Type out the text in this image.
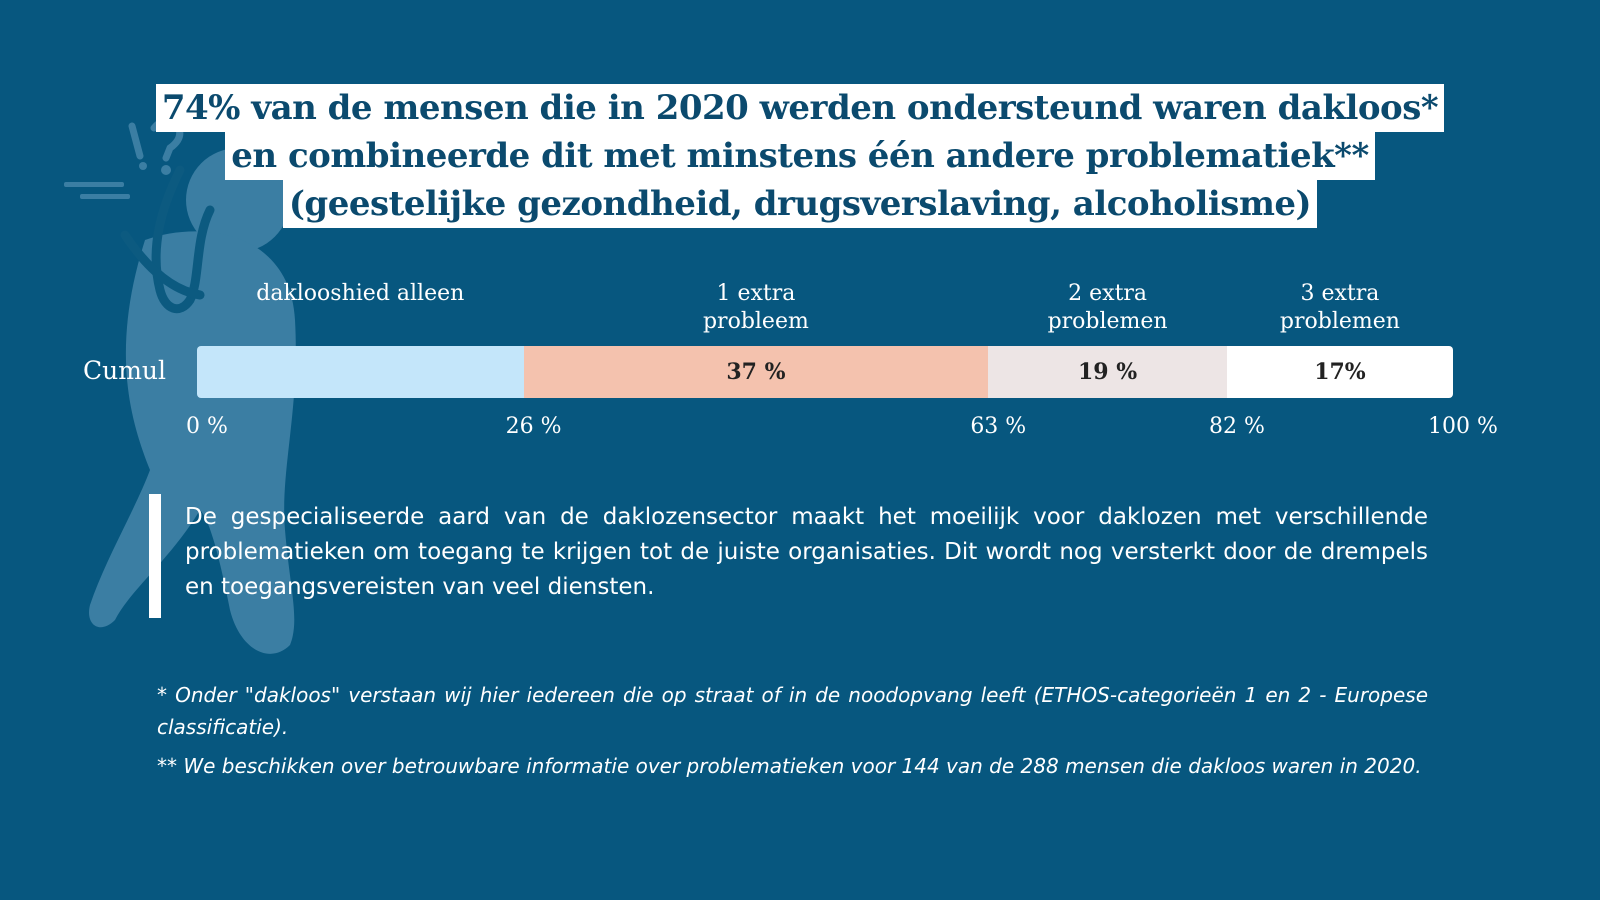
74% van de mensen die in 2020 werden ondersteund waren dakloos*
en combineerde dit met minstens één andere problematiek**
(geestelijke gezondheid, drugsverslaving, alcoholisme)
Cumul
daklooshied alleen	1 extra
probleem
37 %
2 extra
problemen
19 %
3 extra
problemen
17%
0 %	26 %	63 %	82 %	100 %
De gespecialiseerde aard van de daklozensector maakt het moeilijk voor daklozen met verschillende problematieken om toegang te krijgen tot de juiste organisaties. Dit wordt nog versterkt door de drempels en toegangsvereisten van veel diensten.
* Onder "dakloos" verstaan wij hier iedereen die op straat of in de noodopvang leeft (ETHOS-categorieën 1 en 2 - Europese classificatie).
** We beschikken over betrouwbare informatie over problematieken voor 144 van de 288 mensen die dakloos waren in 2020.
